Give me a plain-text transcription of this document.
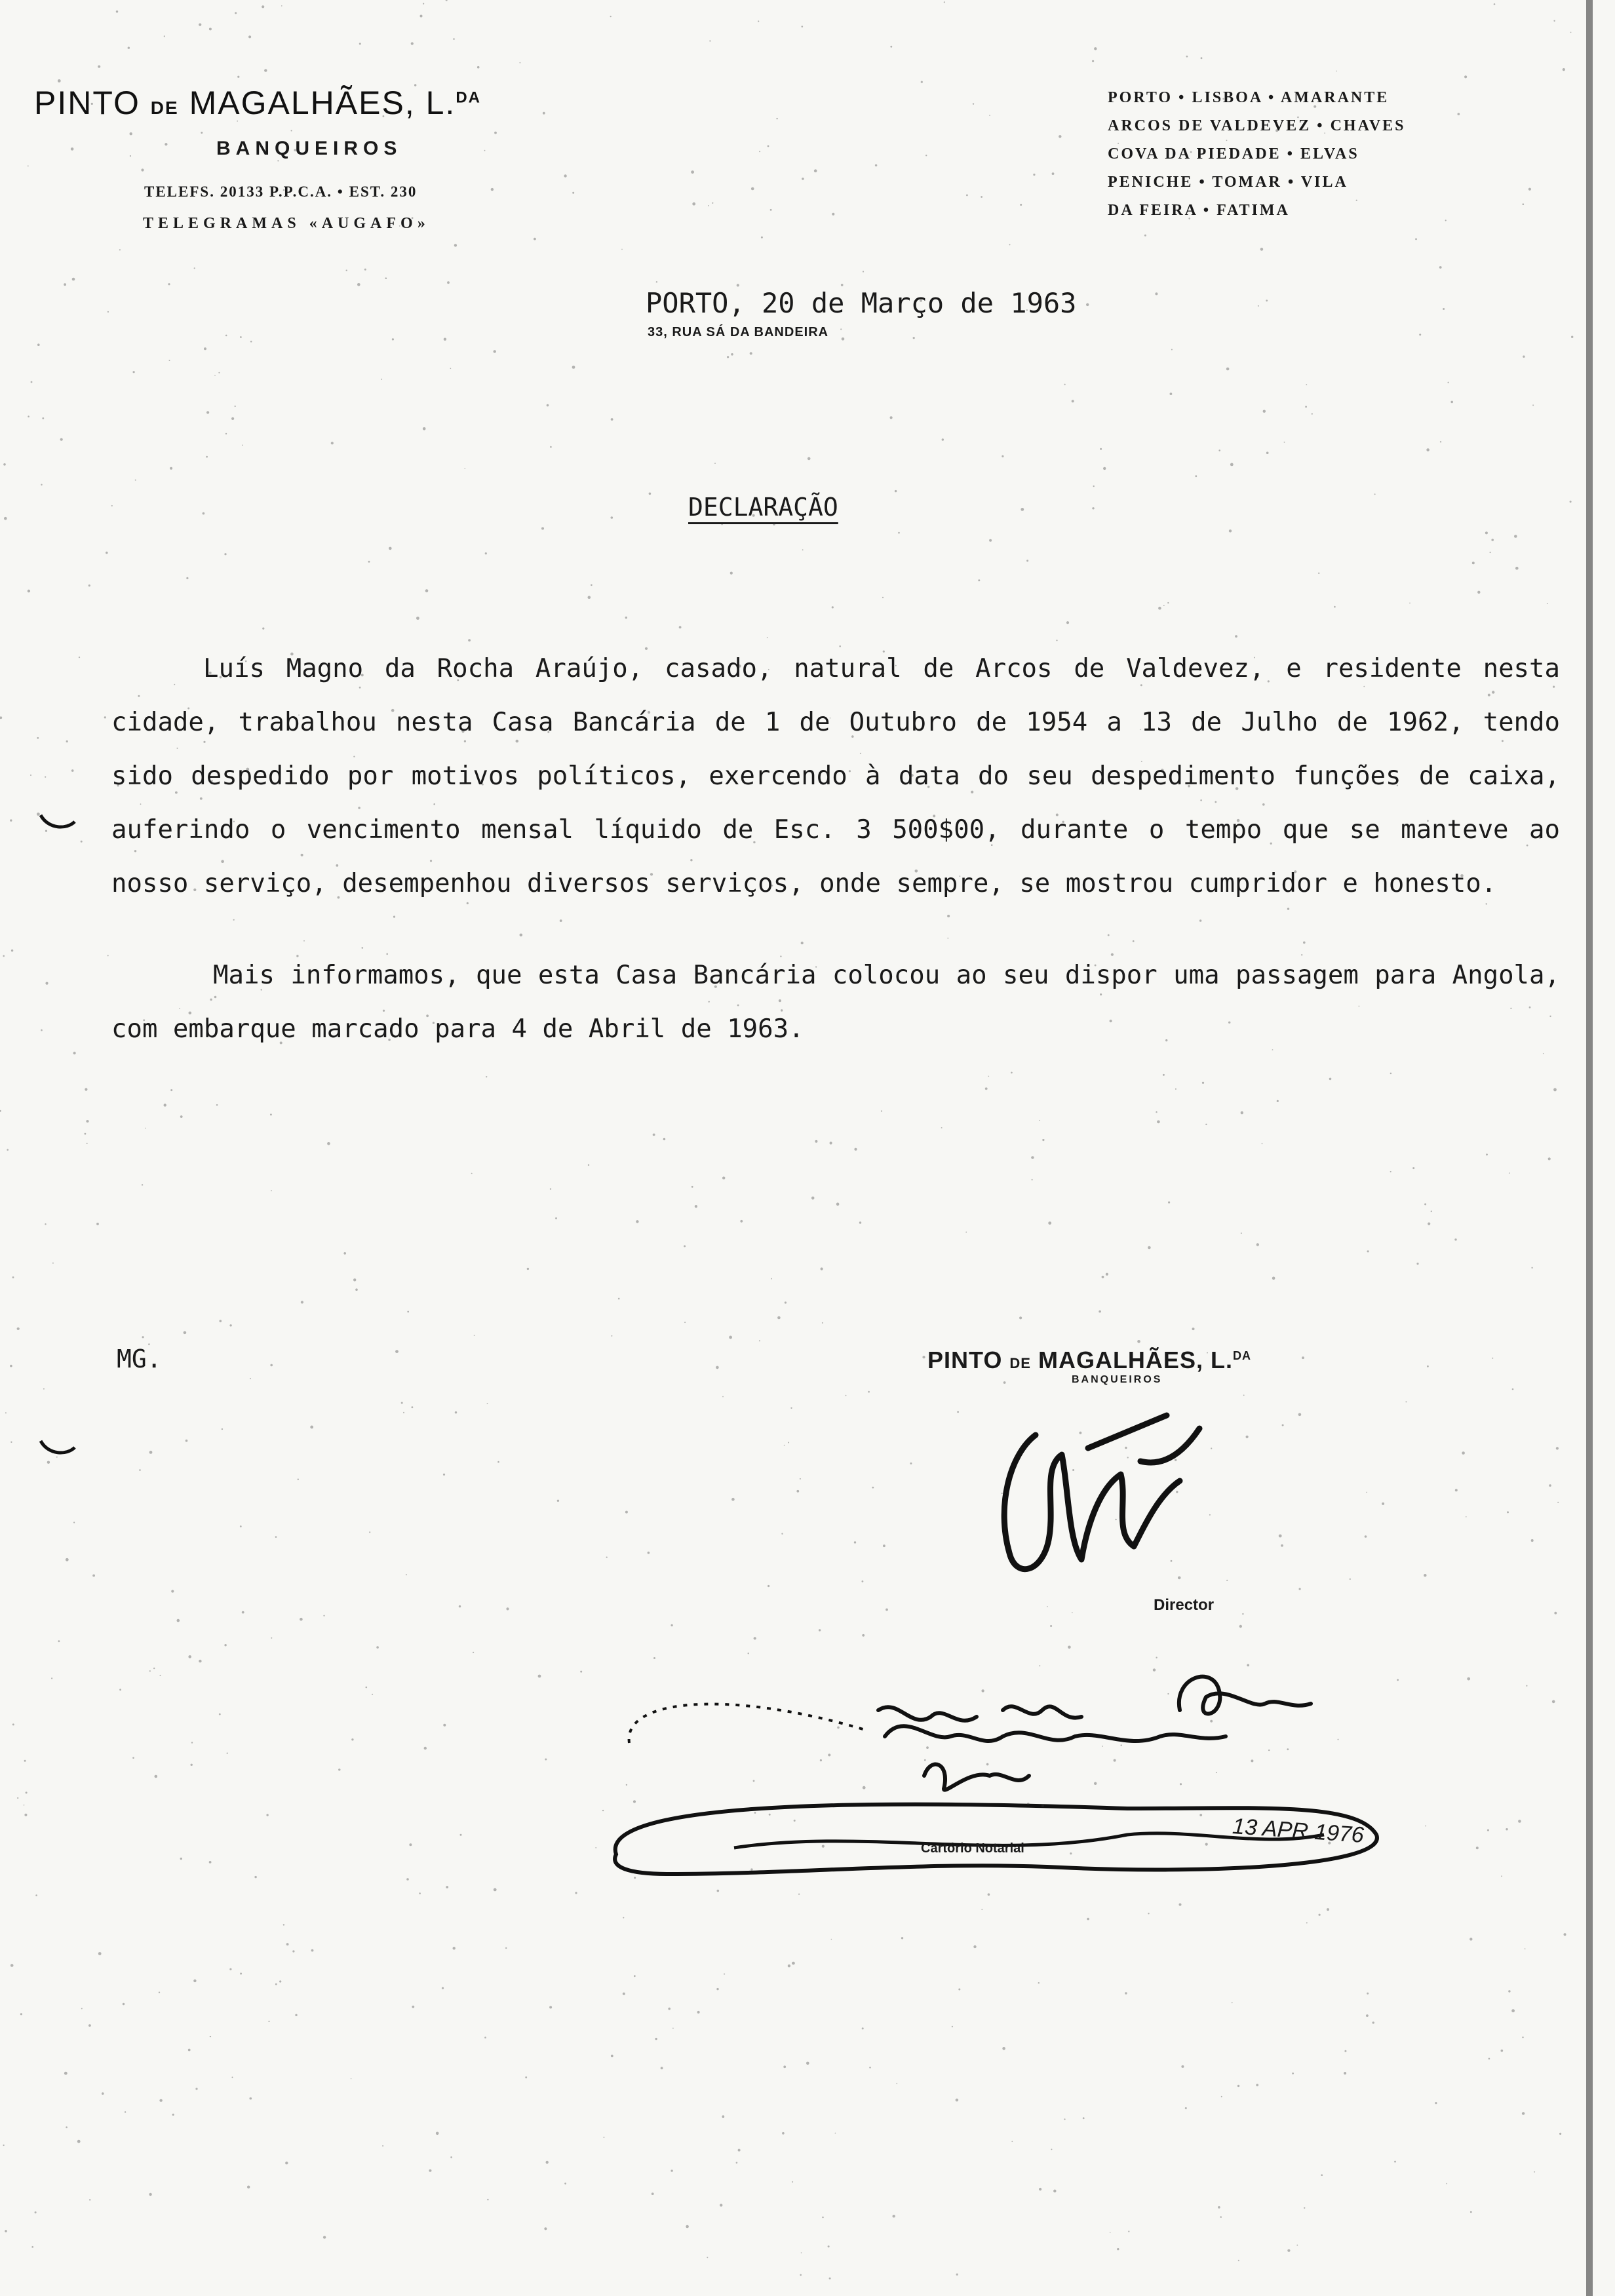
PINTO DE MAGALHÃES, L.$^{DA}$
BANQUEIROS
TELEFS. 20133 P.P.C.A. • EST. 230
TELEGRAMAS «AUGAFO»
PORTO • LISBOA • AMARANTE
ARCOS DE VALDEVEZ • CHAVES
COVA DA PIEDADE • ELVAS
PENICHE • TOMAR • VILA
DA FEIRA • FATIMA
PORTO, 20 de Março de 1963
33, RUA SÁ DA BANDEIRA
DECLARAÇÃO

Luís Magno da Rocha Araújo, casado, natural de Arcos de Valdevez, e residente nesta cidade, trabalhou nesta Casa Bancária de 1 de Outubro de 1954 a 13 de Julho de 1962, tendo sido despedido por motivos políticos, exercendo à data do seu despedimento funções de caixa, auferindo o vencimento mensal líquido de Esc. 3 500$00, durante o tempo que se manteve ao nosso serviço, desempenhou diversos serviços, onde sempre, se mostrou cumpridor e honesto.

Mais informamos, que esta Casa Bancária colocou ao seu dispor uma passagem para Angola, com embarque marcado para 4 de Abril de 1963.

MG.	PINTO DE MAGALHÃES, L.$^{DA}$
BANQUEIROS
Director
13 APR 1976
Cartório Notarial
